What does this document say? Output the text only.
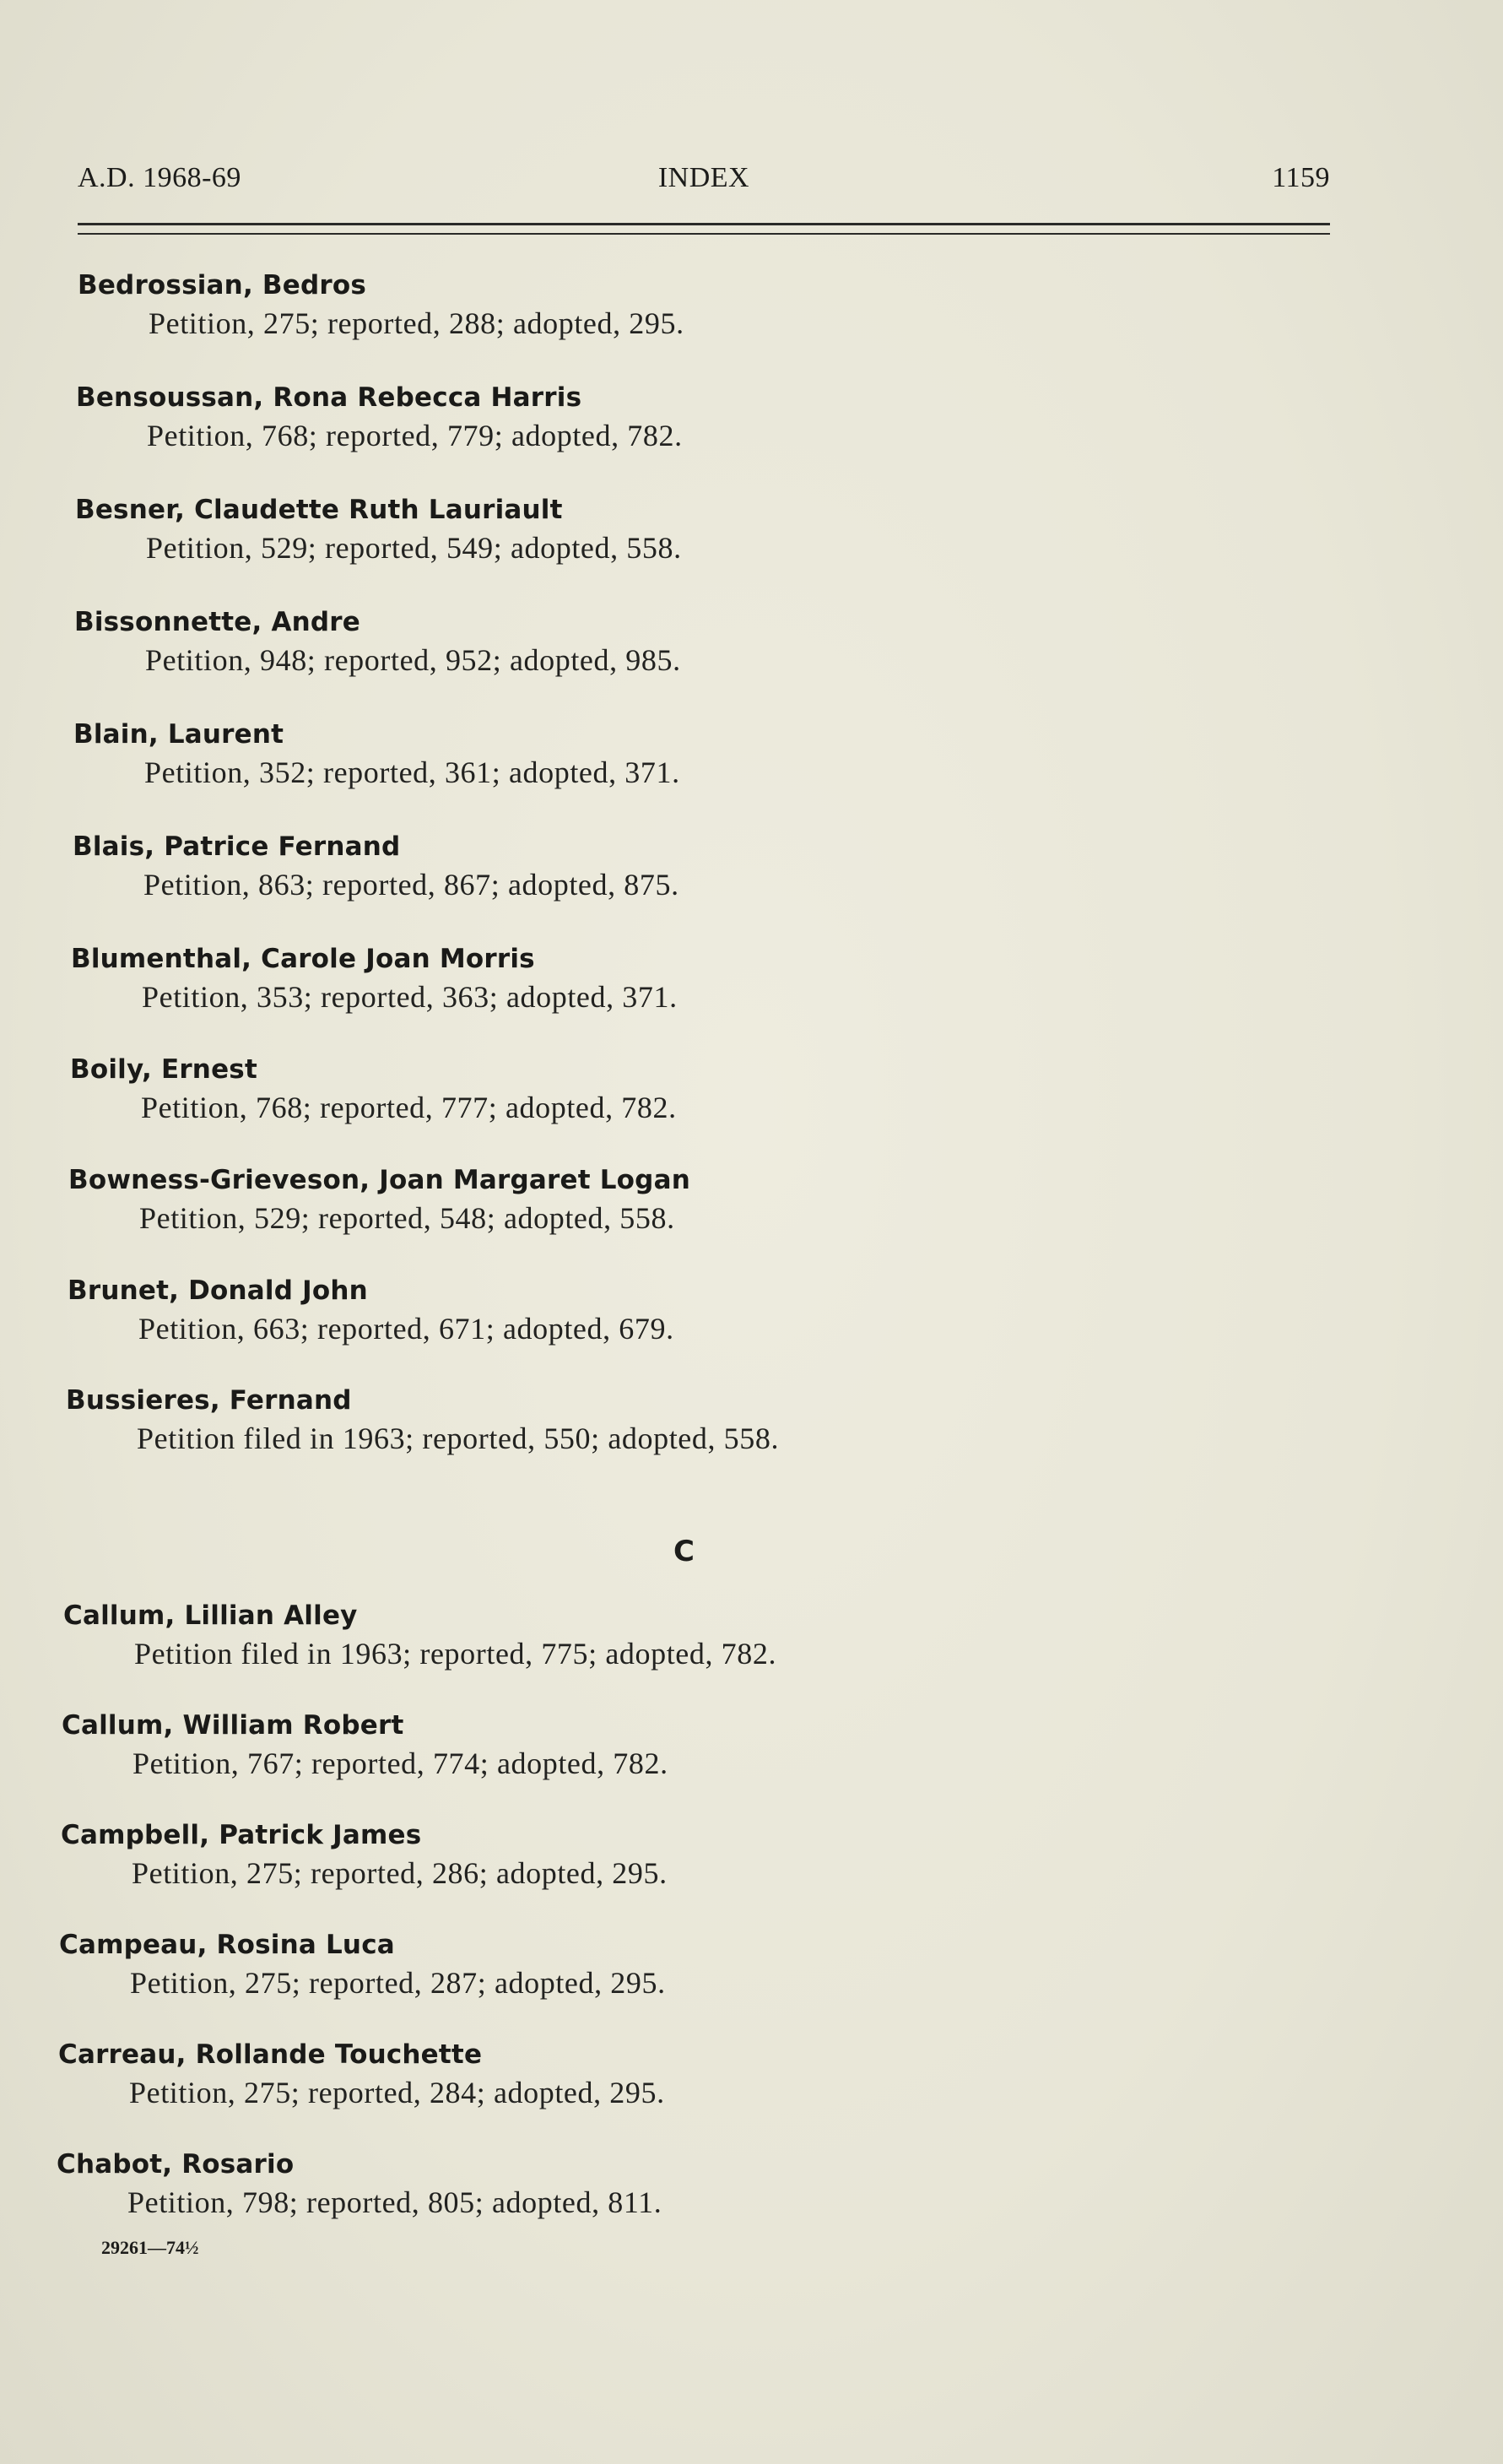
A.D. 1968-69	INDEX	1159
Bedrossian, Bedros
Petition, 275; reported, 288; adopted, 295.
Bensoussan, Rona Rebecca Harris
Petition, 768; reported, 779; adopted, 782.
Besner, Claudette Ruth Lauriault
Petition, 529; reported, 549; adopted, 558.
Bissonnette, Andre
Petition, 948; reported, 952; adopted, 985.
Blain, Laurent
Petition, 352; reported, 361; adopted, 371.
Blais, Patrice Fernand
Petition, 863; reported, 867; adopted, 875.
Blumenthal, Carole Joan Morris
Petition, 353; reported, 363; adopted, 371.
Boily, Ernest
Petition, 768; reported, 777; adopted, 782.
Bowness-Grieveson, Joan Margaret Logan
Petition, 529; reported, 548; adopted, 558.
Brunet, Donald John
Petition, 663; reported, 671; adopted, 679.
Bussieres, Fernand
Petition filed in 1963; reported, 550; adopted, 558.
C
Callum, Lillian Alley
Petition filed in 1963; reported, 775; adopted, 782.
Callum, William Robert
Petition, 767; reported, 774; adopted, 782.
Campbell, Patrick James
Petition, 275; reported, 286; adopted, 295.
Campeau, Rosina Luca
Petition, 275; reported, 287; adopted, 295.
Carreau, Rollande Touchette
Petition, 275; reported, 284; adopted, 295.
Chabot, Rosario
Petition, 798; reported, 805; adopted, 811.
29261—74½
